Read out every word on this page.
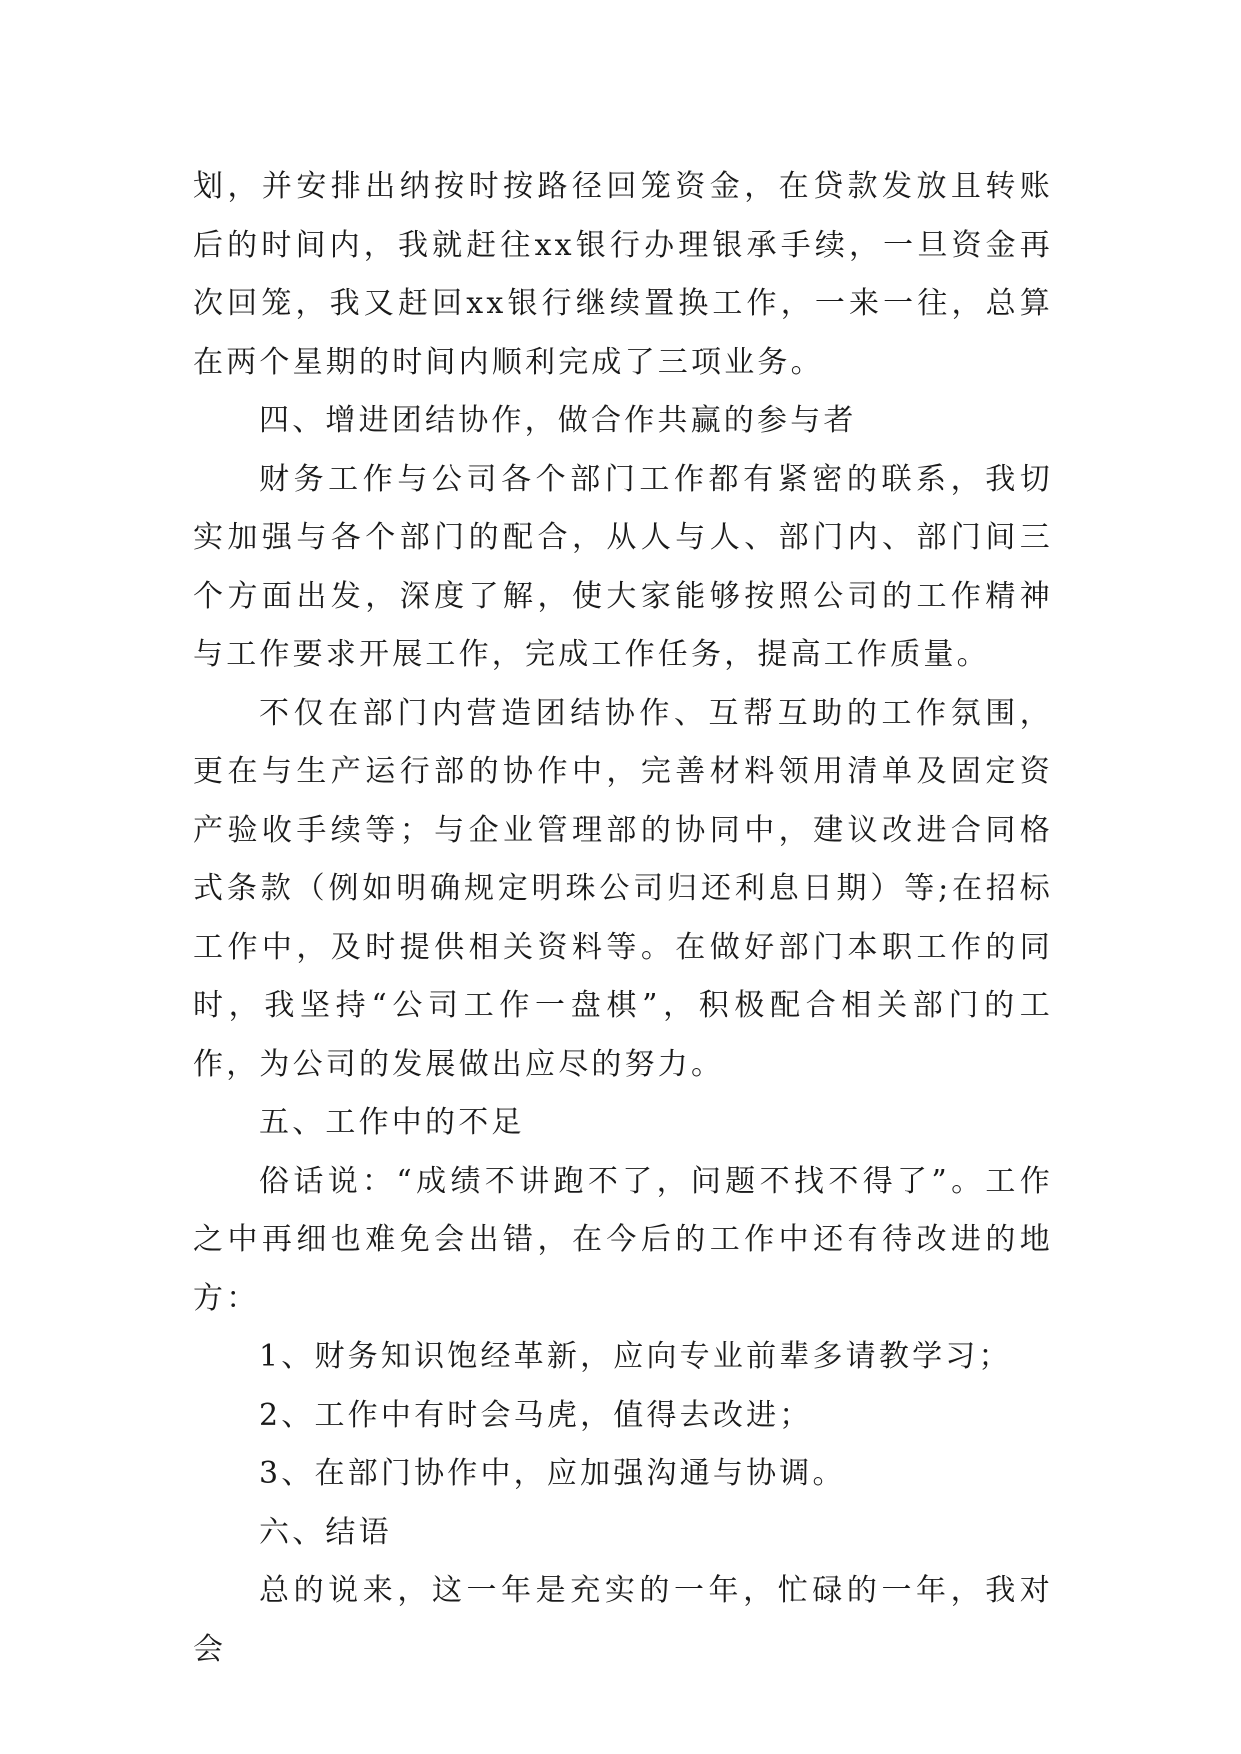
划，并安排出纳按时按路径回笼资金，在贷款发放且转账后的时间内，我就赶往xx银行办理银承手续，一旦资金再次回笼，我又赶回xx银行继续置换工作，一来一往，总算在两个星期的时间内顺利完成了三项业务。

四、增进团结协作，做合作共赢的参与者

财务工作与公司各个部门工作都有紧密的联系，我切实加强与各个部门的配合，从人与人、部门内、部门间三个方面出发，深度了解，使大家能够按照公司的工作精神与工作要求开展工作，完成工作任务，提高工作质量。

不仅在部门内营造团结协作、互帮互助的工作氛围，更在与生产运行部的协作中，完善材料领用清单及固定资产验收手续等；与企业管理部的协同中，建议改进合同格式条款（例如明确规定明珠公司归还利息日期）等;在招标工作中，及时提供相关资料等。在做好部门本职工作的同时，我坚持“公司工作一盘棋”，积极配合相关部门的工作，为公司的发展做出应尽的努力。

五、工作中的不足

俗话说：“成绩不讲跑不了，问题不找不得了”。工作之中再细也难免会出错，在今后的工作中还有待改进的地方：

1、财务知识饱经革新，应向专业前辈多请教学习；

2、工作中有时会马虎，值得去改进；

3、在部门协作中，应加强沟通与协调。

六、结语

总的说来，这一年是充实的一年，忙碌的一年，我对会
